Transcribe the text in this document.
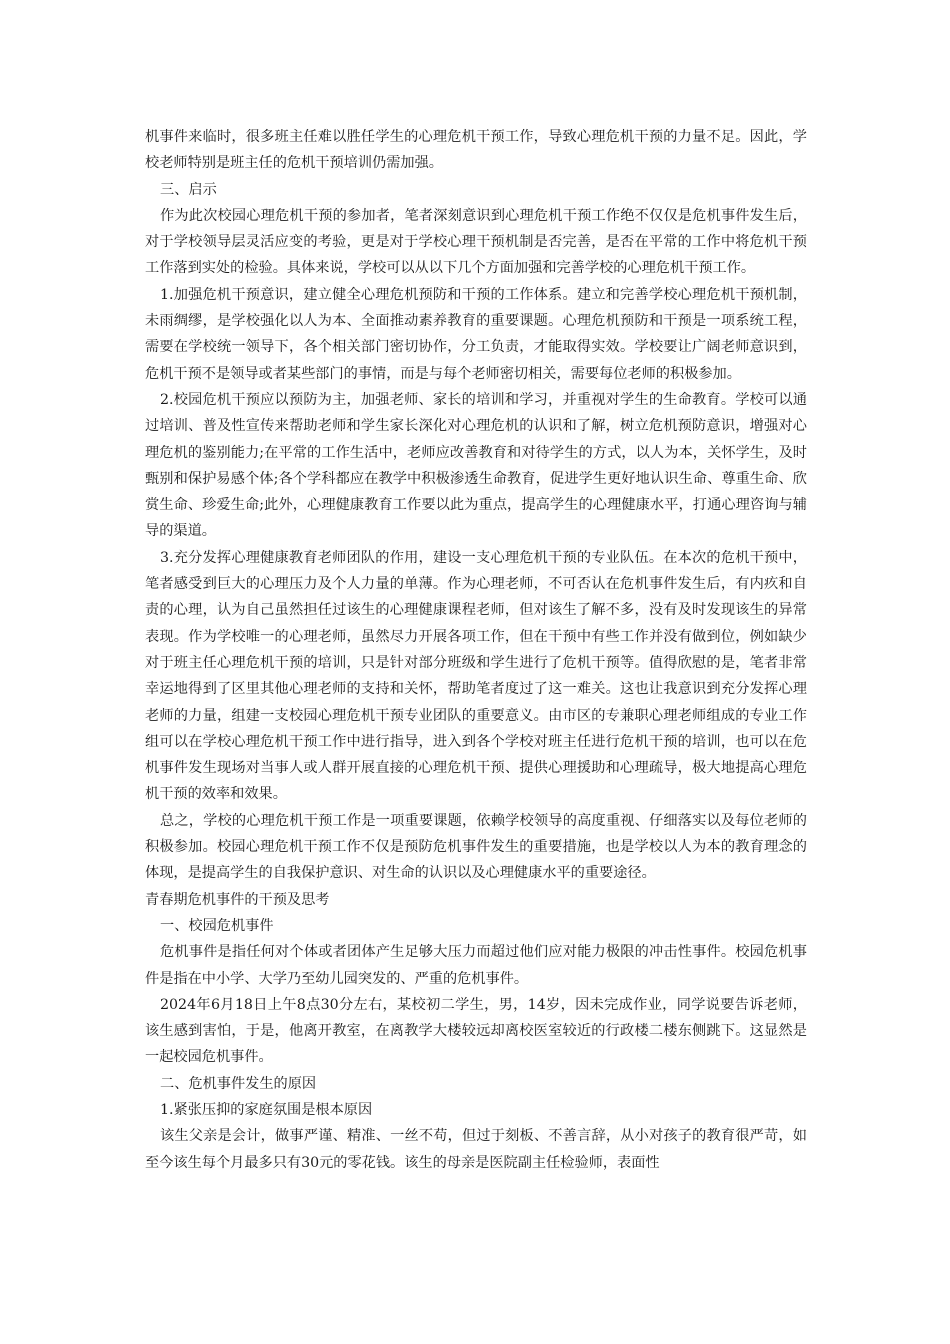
机事件来临时，很多班主任难以胜任学生的心理危机干预工作，导致心理危机干预的力量不足。因此，学校老师特别是班主任的危机干预培训仍需加强。

三、启示

作为此次校园心理危机干预的参加者，笔者深刻意识到心理危机干预工作绝不仅仅是危机事件发生后，对于学校领导层灵活应变的考验，更是对于学校心理干预机制是否完善，是否在平常的工作中将危机干预工作落到实处的检验。具体来说，学校可以从以下几个方面加强和完善学校的心理危机干预工作。

1.加强危机干预意识，建立健全心理危机预防和干预的工作体系。建立和完善学校心理危机干预机制，未雨绸缪，是学校强化以人为本、全面推动素养教育的重要课题。心理危机预防和干预是一项系统工程，需要在学校统一领导下，各个相关部门密切协作，分工负责，才能取得实效。学校要让广阔老师意识到，危机干预不是领导或者某些部门的事情，而是与每个老师密切相关，需要每位老师的积极参加。

2.校园危机干预应以预防为主，加强老师、家长的培训和学习，并重视对学生的生命教育。学校可以通过培训、普及性宣传来帮助老师和学生家长深化对心理危机的认识和了解，树立危机预防意识，增强对心理危机的鉴别能力;在平常的工作生活中，老师应改善教育和对待学生的方式，以人为本，关怀学生，及时甄别和保护易感个体;各个学科都应在教学中积极渗透生命教育，促进学生更好地认识生命、尊重生命、欣赏生命、珍爱生命;此外，心理健康教育工作要以此为重点，提高学生的心理健康水平，打通心理咨询与辅导的渠道。

3.充分发挥心理健康教育老师团队的作用，建设一支心理危机干预的专业队伍。在本次的危机干预中，笔者感受到巨大的心理压力及个人力量的单薄。作为心理老师，不可否认在危机事件发生后，有内疚和自责的心理，认为自己虽然担任过该生的心理健康课程老师，但对该生了解不多，没有及时发现该生的异常表现。作为学校唯一的心理老师，虽然尽力开展各项工作，但在干预中有些工作并没有做到位，例如缺少对于班主任心理危机干预的培训，只是针对部分班级和学生进行了危机干预等。值得欣慰的是，笔者非常幸运地得到了区里其他心理老师的支持和关怀，帮助笔者度过了这一难关。这也让我意识到充分发挥心理老师的力量，组建一支校园心理危机干预专业团队的重要意义。由市区的专兼职心理老师组成的专业工作组可以在学校心理危机干预工作中进行指导，进入到各个学校对班主任进行危机干预的培训，也可以在危机事件发生现场对当事人或人群开展直接的心理危机干预、提供心理援助和心理疏导，极大地提高心理危机干预的效率和效果。

总之，学校的心理危机干预工作是一项重要课题，依赖学校领导的高度重视、仔细落实以及每位老师的积极参加。校园心理危机干预工作不仅是预防危机事件发生的重要措施，也是学校以人为本的教育理念的体现，是提高学生的自我保护意识、对生命的认识以及心理健康水平的重要途径。

青春期危机事件的干预及思考

一、校园危机事件

危机事件是指任何对个体或者团体产生足够大压力而超过他们应对能力极限的冲击性事件。校园危机事件是指在中小学、大学乃至幼儿园突发的、严重的危机事件。

2024年6月18日上午8点30分左右，某校初二学生，男，14岁，因未完成作业，同学说要告诉老师，该生感到害怕，于是，他离开教室，在离教学大楼较远却离校医室较近的行政楼二楼东侧跳下。这显然是一起校园危机事件。

二、危机事件发生的原因

1.紧张压抑的家庭氛围是根本原因

该生父亲是会计，做事严谨、精准、一丝不苟，但过于刻板、不善言辞，从小对孩子的教育很严苛，如至今该生每个月最多只有30元的零花钱。该生的母亲是医院副主任检验师，表面性
